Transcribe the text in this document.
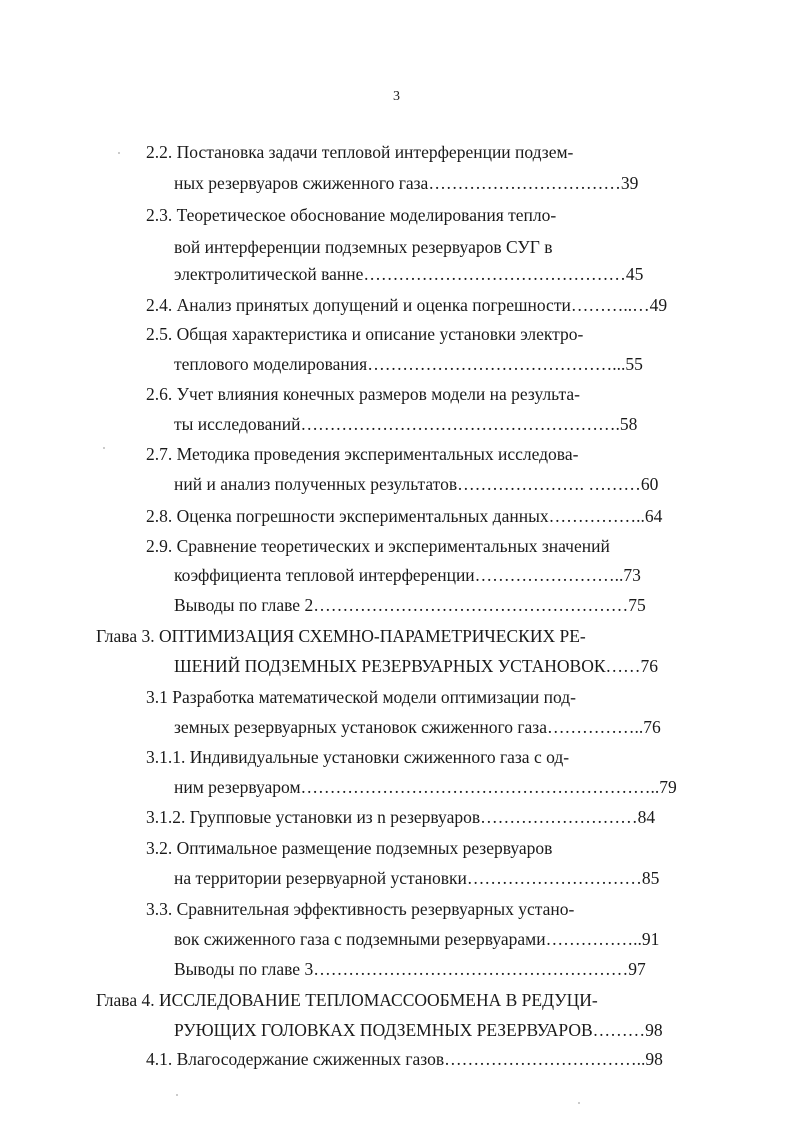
3
2.2. Постановка задачи тепловой интерференции подзем-
ных резервуаров сжиженного газа……………………………39
2.3. Теоретическое обоснование моделирования тепло-
вой интерференции подземных резервуаров СУГ в
электролитической ванне………………………………………45
2.4. Анализ принятых допущений и оценка погрешности………..…49
2.5. Общая характеристика и описание установки электро-
теплового моделирования……………………………………...55
2.6. Учет влияния конечных размеров модели на результа-
ты исследований……………………………………………….58
2.7. Методика проведения экспериментальных исследова-
ний и анализ полученных результатов…………………. ………60
2.8. Оценка погрешности экспериментальных данных……………..64
2.9. Сравнение теоретических и экспериментальных значений
коэффициента тепловой интерференции……………………..73
Выводы по главе 2………………………………………………75
Глава 3. ОПТИМИЗАЦИЯ СХЕМНО-ПАРАМЕТРИЧЕСКИХ РЕ-
ШЕНИЙ ПОДЗЕМНЫХ РЕЗЕРВУАРНЫХ УСТАНОВОК……76
3.1 Разработка математической модели оптимизации под-
земных резервуарных установок сжиженного газа……………..76
3.1.1. Индивидуальные установки сжиженного газа с од-
ним резервуаром……………………………………………………..79
3.1.2. Групповые установки из n резервуаров………………………84
3.2. Оптимальное размещение подземных резервуаров
на территории резервуарной установки…………………………85
3.3. Сравнительная эффективность резервуарных устано-
вок сжиженного газа с подземными резервуарами……………..91
Выводы по главе 3………………………………………………97
Глава 4. ИССЛЕДОВАНИЕ ТЕПЛОМАССООБМЕНА В РЕДУЦИ-
РУЮЩИХ ГОЛОВКАХ ПОДЗЕМНЫХ РЕЗЕРВУАРОВ………98
4.1. Влагосодержание сжиженных газов……………………………..98
